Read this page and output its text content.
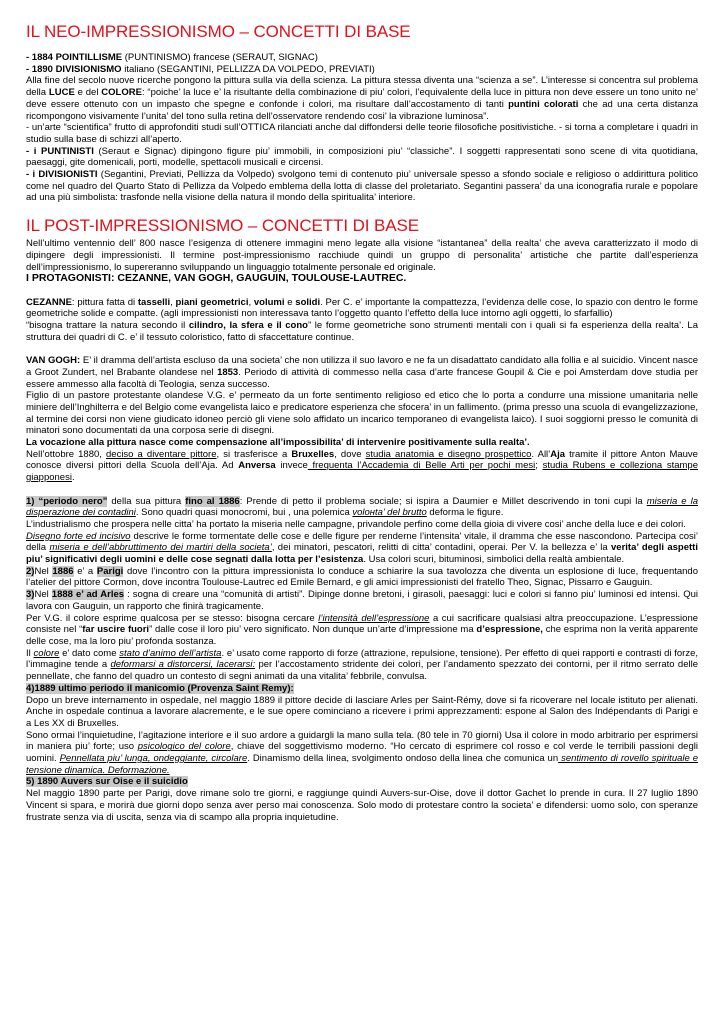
IL NEO-IMPRESSIONISMO – CONCETTI DI BASE

- 1884 POINTILLISME (PUNTINISMO) francese (SERAUT, SIGNAC)

- 1890 DIVISIONISMO italiano (SEGANTINI, PELLIZZA DA VOLPEDO, PREVIATI)

Alla fine del secolo nuove ricerche pongono la pittura sulla via della scienza. La pittura stessa diventa una “scienza a se”. L’interesse si concentra sul problema della LUCE e del COLORE: “poiche’ la luce e’ la risultante della combinazione di piu’ colori, l’equivalente della luce in pittura non deve essere un tono unito ne’ deve essere ottenuto con un impasto che spegne e confonde i colori, ma risultare dall’accostamento di tanti puntini colorati che ad una certa distanza ricompongono visivamente l’unita’ del tono sulla retina dell’osservatore rendendo cosi’ la vibrazione luminosa”.

- un’arte “scientifica” frutto di approfonditi studi sull’OTTICA rilanciati anche dal diffondersi delle teorie filosofiche positivistiche. - si torna a completare i quadri in studio sulla base di schizzi all’aperto.

- i PUNTINISTI (Seraut e Signac) dipingono figure piu’ immobili, in composizioni piu’ “classiche”. I soggetti rappresentati sono scene di vita quotidiana, paesaggi, gite domenicali, porti, modelle, spettacoli musicali e circensi.

- i DIVISIONISTI (Segantini, Previati, Pellizza da Volpedo) svolgono temi di contenuto piu’ universale spesso a sfondo sociale e religioso o addirittura politico come nel quadro del Quarto Stato di Pellizza da Volpedo emblema della lotta di classe del proletariato. Segantini passera’ da una iconografia rurale e popolare ad una più simbolista: trasfonde nella visione della natura il mondo della spiritualita’ interiore.

IL POST-IMPRESSIONISMO – CONCETTI DI BASE

Nell’ultimo ventennio dell’ 800 nasce l’esigenza di ottenere immagini meno legate alla visione “istantanea” della realta’ che aveva caratterizzato il modo di dipingere degli impressionisti. Il termine post-impressionismo racchiude quindi un gruppo di personalita’ artistiche che partite dall’esperienza dell’impressionismo, lo supereranno sviluppando un linguaggio totalmente personale ed originale.

I PROTAGONISTI: CEZANNE, VAN GOGH, GAUGUIN, TOULOUSE-LAUTREC.

CEZANNE: pittura fatta di tasselli, piani geometrici, volumi e solidi. Per C. e’ importante la compattezza, l’evidenza delle cose, lo spazio con dentro le forme geometriche solide e compatte. (agli impressionisti non interessava tanto l’oggetto quanto l’effetto della luce intorno agli oggetti, lo sfarfallio)

“bisogna trattare la natura secondo il cilindro, la sfera e il cono” le forme geometriche sono strumenti mentali con i quali si fa esperienza della realta’. La struttura dei quadri di C. e’ il tessuto coloristico, fatto di sfaccettature continue.

VAN GOGH: E’ il dramma dell’artista escluso da una societa’ che non utilizza il suo lavoro e ne fa un disadattato candidato alla follia e al suicidio. Vincent nasce a Groot Zundert, nel Brabante olandese nel 1853. Periodo di attività di commesso nella casa d’arte francese Goupil & Cie e poi Amsterdam dove studia per essere ammesso alla facoltà di Teologia, senza successo.

Figlio di un pastore protestante olandese V.G. e’ permeato da un forte sentimento religioso ed etico che lo porta a condurre una missione umanitaria nelle miniere dell’Inghilterra e del Belgio come evangelista laico e predicatore esperienza che sfocera’ in un fallimento. (prima presso una scuola di evangelizzazione, al termine dei corsi non viene giudicato idoneo perciò gli viene solo affidato un incarico temporaneo di evangelista laico). I suoi soggiorni presso le comunità di minatori sono documentati da una corposa serie di disegni.

La vocazione alla pittura nasce come compensazione all’impossibilita’ di intervenire positivamente sulla realta’.

Nell’ottobre 1880, deciso a diventare pittore, si trasferisce a Bruxelles, dove studia anatomia e disegno prospettico. All’Aja tramite il pittore Anton Mauve conosce diversi pittori della Scuola dell’Aja. Ad Anversa invece frequenta l’Accademia di Belle Arti per pochi mesi; studia Rubens e colleziona stampe giapponesi.

1) “periodo nero” della sua pittura fino al 1886: Prende di petto il problema sociale; si ispira a Daumier e Millet descrivendo in toni cupi la miseria e la disperazione dei contadini. Sono quadri quasi monocromi, bui , una polemica voloнta’ del brutto deforma le figure.

L’industrialismo che prospera nelle citta’ ha portato la miseria nelle campagne, privandole perfino come della gioia di vivere cosi’ anche della luce e dei colori.

Disegno forte ed incisivo descrive le forme tormentate delle cose e delle figure per renderne l’intensita’ vitale, il dramma che esse nascondono. Partecipa cosi’ della miseria e dell’abbruttimento dei martiri della societa’, dei minatori, pescatori, relitti di citta’ contadini, operai. Per V. la bellezza e’ la verita’ degli aspetti piu’ significativi degli uomini e delle cose segnati dalla lotta per l’esistenza. Usa colori scuri, bituminosi, simbolici della realtà ambientale.

2)Nel 1886 e’ a Parigi dove l’incontro con la pittura impressionista lo conduce a schiarire la sua tavolozza che diventa un esplosione di luce, frequentando l’atelier del pittore Cormon, dove incontra Toulouse-Lautrec ed Emile Bernard, e gli amici impressionisti del fratello Theo, Signac, Pissarro e Gauguin.

3)Nel 1888 e’ ad Arles : sogna di creare una “comunità di artisti”. Dipinge donne bretoni, i girasoli, paesaggi: luci e colori si fanno piu’ luminosi ed intensi. Qui lavora con Gauguin, un rapporto che finirà tragicamente.

Per V.G. il colore esprime qualcosa per se stesso: bisogna cercare l’intensità dell’espressione a cui sacrificare qualsiasi altra preoccupazione. L’espressione consiste nel “far uscire fuori” dalle cose il loro piu’ vero significato. Non dunque un’arte d’impressione ma d’espressione, che esprima non la verità apparente delle cose, ma la loro piu’ profonda sostanza.

Il colore e’ dato come stato d’animo dell’artista. e’ usato come rapporto di forze (attrazione, repulsione, tensione). Per effetto di quei rapporti e contrasti di forze, l’immagine tende a deformarsi a distorcersi, lacerarsi: per l’accostamento stridente dei colori, per l’andamento spezzato dei contorni, per il ritmo serrato delle pennellate, che fanno del quadro un contesto di segni animati da una vitalita’ febbrile, convulsa.

4)1889 ultimo periodo il manicomio (Provenza Saint Remy):

Dopo un breve internamento in ospedale, nel maggio 1889 il pittore decide di lasciare Arles per Saint-Rémy, dove si fa ricoverare nel locale istituto per alienati. Anche in ospedale continua a lavorare alacremente, e le sue opere cominciano a ricevere i primi apprezzamenti: espone al Salon des Indépendants di Parigi e a Les XX di Bruxelles.

Sono ormai l’inquietudine, l’agitazione interiore e il suo ardore a guidargli la mano sulla tela. (80 tele in 70 giorni) Usa il colore in modo arbitrario per esprimersi in maniera piu’ forte; uso psicologico del colore, chiave del soggettivismo moderno. “Ho cercato di esprimere col rosso e col verde le terribili passioni degli uomini. Pennellata piu’ lunga, ondeggiante, circolare. Dinamismo della linea, svolgimento ondoso della linea che comunica un sentimento di rovello spirituale e tensione dinamica. Deformazione.

5) 1890 Auvers sur Oise e il suicidio

Nel maggio 1890 parte per Parigi, dove rimane solo tre giorni, e raggiunge quindi Auvers-sur-Oise, dove il dottor Gachet lo prende in cura. Il 27 luglio 1890 Vincent si spara, e morirà due giorni dopo senza aver perso mai conoscenza. Solo modo di protestare contro la societa’ e difendersi: uomo solo, con speranze frustrate senza via di uscita, senza via di scampo alla propria inquietudine.
